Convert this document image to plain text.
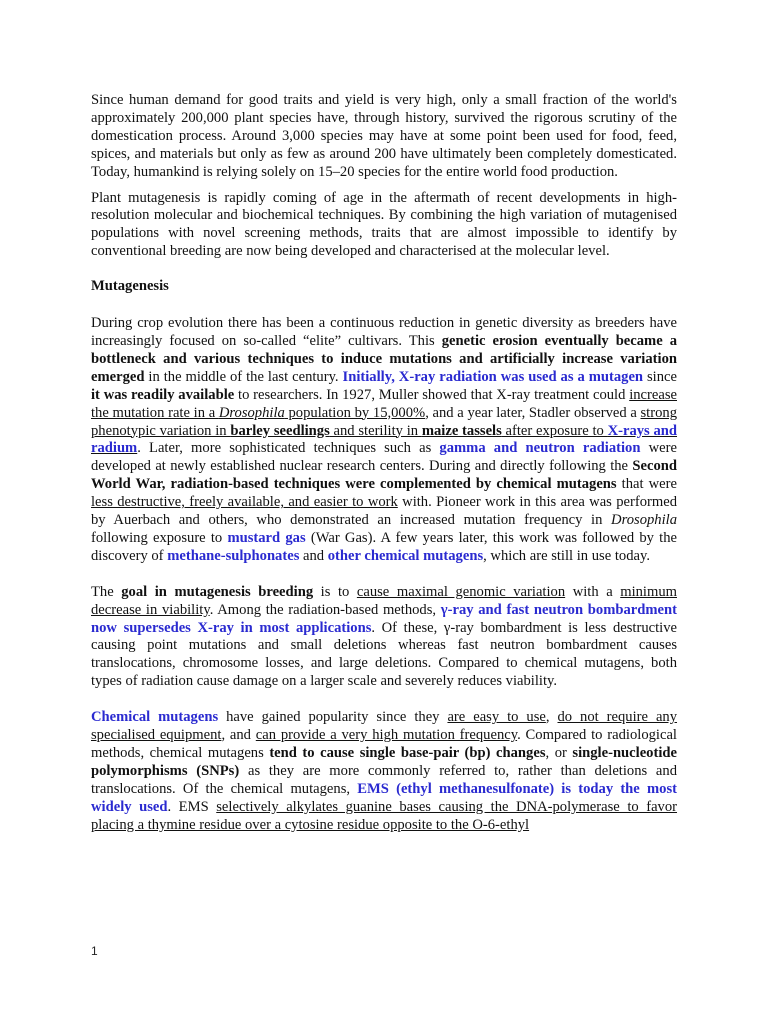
Since human demand for good traits and yield is very high, only a small fraction of the world's approximately 200,000 plant species have, through history, survived the rigorous scrutiny of the domestication process. Around 3,000 species may have at some point been used for food, feed, spices, and materials but only as few as around 200 have ultimately been completely domesticated. Today, humankind is relying solely on 15–20 species for the entire world food production.

Plant mutagenesis is rapidly coming of age in the aftermath of recent developments in high-resolution molecular and biochemical techniques. By combining the high variation of mutagenised populations with novel screening methods, traits that are almost impossible to identify by conventional breeding are now being developed and characterised at the molecular level.

Mutagenesis

During crop evolution there has been a continuous reduction in genetic diversity as breeders have increasingly focused on so-called “elite” cultivars. This genetic erosion eventually became a bottleneck and various techniques to induce mutations and artificially increase variation emerged in the middle of the last century. Initially, X-ray radiation was used as a mutagen since it was readily available to researchers. In 1927, Muller showed that X-ray treatment could increase the mutation rate in a Drosophila population by 15,000%, and a year later, Stadler observed a strong phenotypic variation in barley seedlings and sterility in maize tassels after exposure to X-rays and radium. Later, more sophisticated techniques such as gamma and neutron radiation were developed at newly established nuclear research centers. During and directly following the Second World War, radiation-based techniques were complemented by chemical mutagens that were less destructive, freely available, and easier to work with. Pioneer work in this area was performed by Auerbach and others, who demonstrated an increased mutation frequency in Drosophila following exposure to mustard gas (War Gas). A few years later, this work was followed by the discovery of methane-sulphonates and other chemical mutagens, which are still in use today.

The goal in mutagenesis breeding is to cause maximal genomic variation with a minimum decrease in viability. Among the radiation-based methods, γ-ray and fast neutron bombardment now supersedes X-ray in most applications. Of these, γ-ray bombardment is less destructive causing point mutations and small deletions whereas fast neutron bombardment causes translocations, chromosome losses, and large deletions. Compared to chemical mutagens, both types of radiation cause damage on a larger scale and severely reduces viability.

Chemical mutagens have gained popularity since they are easy to use, do not require any specialised equipment, and can provide a very high mutation frequency. Compared to radiological methods, chemical mutagens tend to cause single base-pair (bp) changes, or single-nucleotide polymorphisms (SNPs) as they are more commonly referred to, rather than deletions and translocations. Of the chemical mutagens, EMS (ethyl methanesulfonate) is today the most widely used. EMS selectively alkylates guanine bases causing the DNA-polymerase to favor placing a thymine residue over a cytosine residue opposite to the O-6-ethyl

1
